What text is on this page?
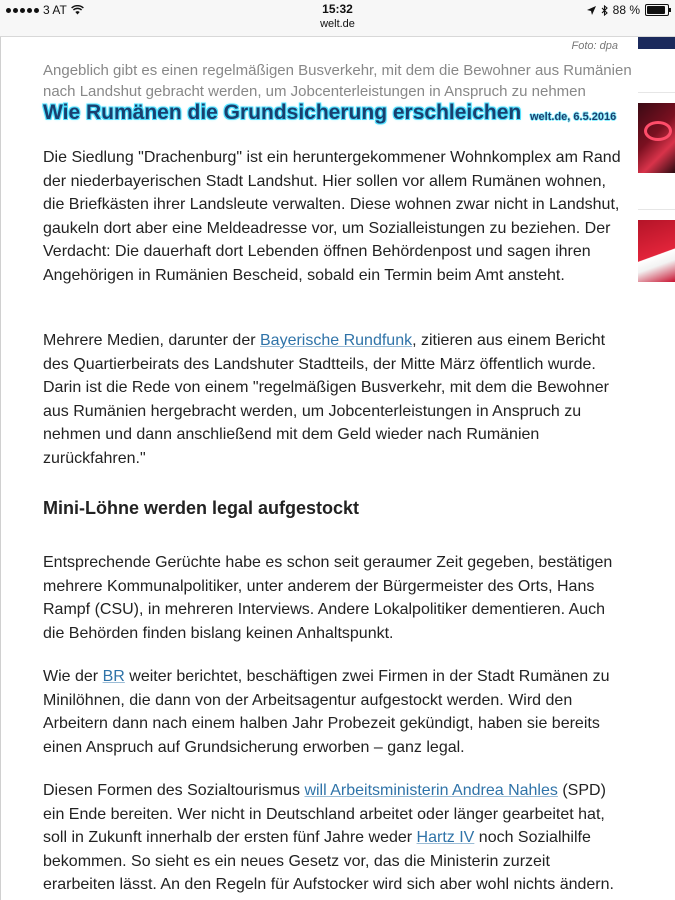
3 AT	15:32
welt.de
88 %
Foto: dpa
Angeblich gibt es einen regelmäßigen Busverkehr, mit dem die Bewohner aus Rumänien nach Landshut gebracht werden, um Jobcenterleistungen in Anspruch zu nehmen
Wie Rumänen die Grundsicherung erschleichen welt.de, 6.5.2016

Die Siedlung "Drachenburg" ist ein heruntergekommener Wohnkomplex am Rand der niederbayerischen Stadt Landshut. Hier sollen vor allem Rumänen wohnen, die Briefkästen ihrer Landsleute verwalten. Diese wohnen zwar nicht in Landshut, gaukeln dort aber eine Meldeadresse vor, um Sozialleistungen zu beziehen. Der Verdacht: Die dauerhaft dort Lebenden öffnen Behördenpost und sagen ihren Angehörigen in Rumänien Bescheid, sobald ein Termin beim Amt ansteht.

Mehrere Medien, darunter der Bayerische Rundfunk, zitieren aus einem Bericht des Quartierbeirats des Landshuter Stadtteils, der Mitte März öffentlich wurde. Darin ist die Rede von einem "regelmäßigen Busverkehr, mit dem die Bewohner aus Rumänien hergebracht werden, um Jobcenterleistungen in Anspruch zu nehmen und dann anschließend mit dem Geld wieder nach Rumänien zurückfahren."

Mini-Löhne werden legal aufgestockt

Entsprechende Gerüchte habe es schon seit geraumer Zeit gegeben, bestätigen mehrere Kommunalpolitiker, unter anderem der Bürgermeister des Orts, Hans Rampf (CSU), in mehreren Interviews. Andere Lokalpolitiker dementieren. Auch die Behörden finden bislang keinen Anhaltspunkt.

Wie der BR weiter berichtet, beschäftigen zwei Firmen in der Stadt Rumänen zu Minilöhnen, die dann von der Arbeitsagentur aufgestockt werden. Wird den Arbeitern dann nach einem halben Jahr Probezeit gekündigt, haben sie bereits einen Anspruch auf Grundsicherung erworben – ganz legal.

Diesen Formen des Sozialtourismus will Arbeitsministerin Andrea Nahles (SPD) ein Ende bereiten. Wer nicht in Deutschland arbeitet oder länger gearbeitet hat, soll in Zukunft innerhalb der ersten fünf Jahre weder Hartz IV noch Sozialhilfe bekommen. So sieht es ein neues Gesetz vor, das die Ministerin zurzeit erarbeiten lässt. An den Regeln für Aufstocker wird sich aber wohl nichts ändern.
